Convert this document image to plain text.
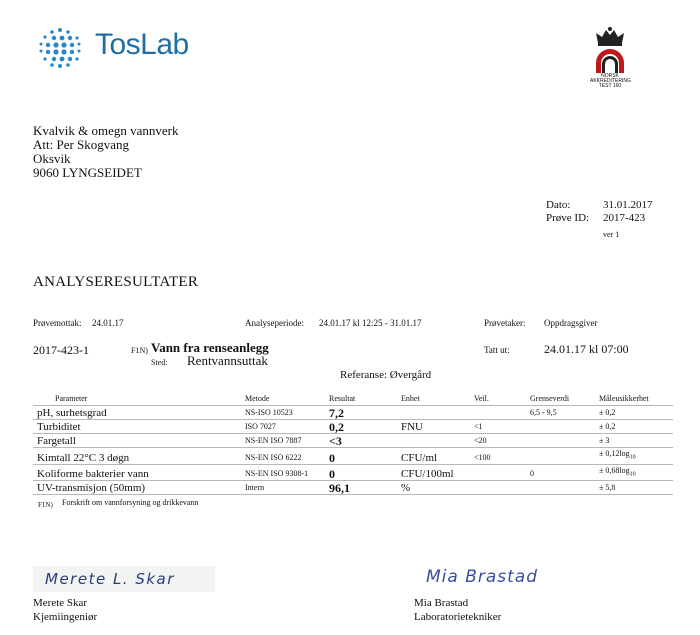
TosLab
NORSK
AKKREDITERING
TEST 160
Kvalvik & omegn vannverk
Att: Per Skogvang
Oksvik
9060 LYNGSEIDET
Dato:	31.01.2017
Prøve ID: 2017-423
ver 1
ANALYSERESULTATER
Prøvemottak: 24.01.17	Analyseperiode: 24.01.17 kl 12:25 - 31.01.17	Prøvetaker: Oppdragsgiver
2017-423-1	F1N) Vann fra renseanlegg
Sted: Rentvannsuttak
Tatt ut:	24.01.17 kl 07:00
Referanse: Øvergård
Parameter	Metode	Resultat	Enhet	Veil.	Grenseverdi	Måleusikkerhet
pH, surhetsgrad	NS-ISO 10523	7,2			6,5 - 9,5	± 0,2
Turbiditet	ISO 7027	0,2	FNU	<1		± 0,2
Fargetall	NS-EN ISO 7887	<3		<20		± 3
Kimtall 22°C 3 døgn	NS-EN ISO 6222	0	CFU/ml	<100		± $0,12\log_{10}$
Koliforme bakterier vann	NS-EN ISO 9308-1	0	CFU/100ml		0	± $0,68\log_{10}$
UV-transmisjon (50mm)	Intern	96,1	%			± 5,8
F1N) Forskrift om vannforsyning og drikkevann
Merete L. Skar	Mia Brastad
Merete Skar
Kjemiingeniør
Mia Brastad
Laboratorietekniker
